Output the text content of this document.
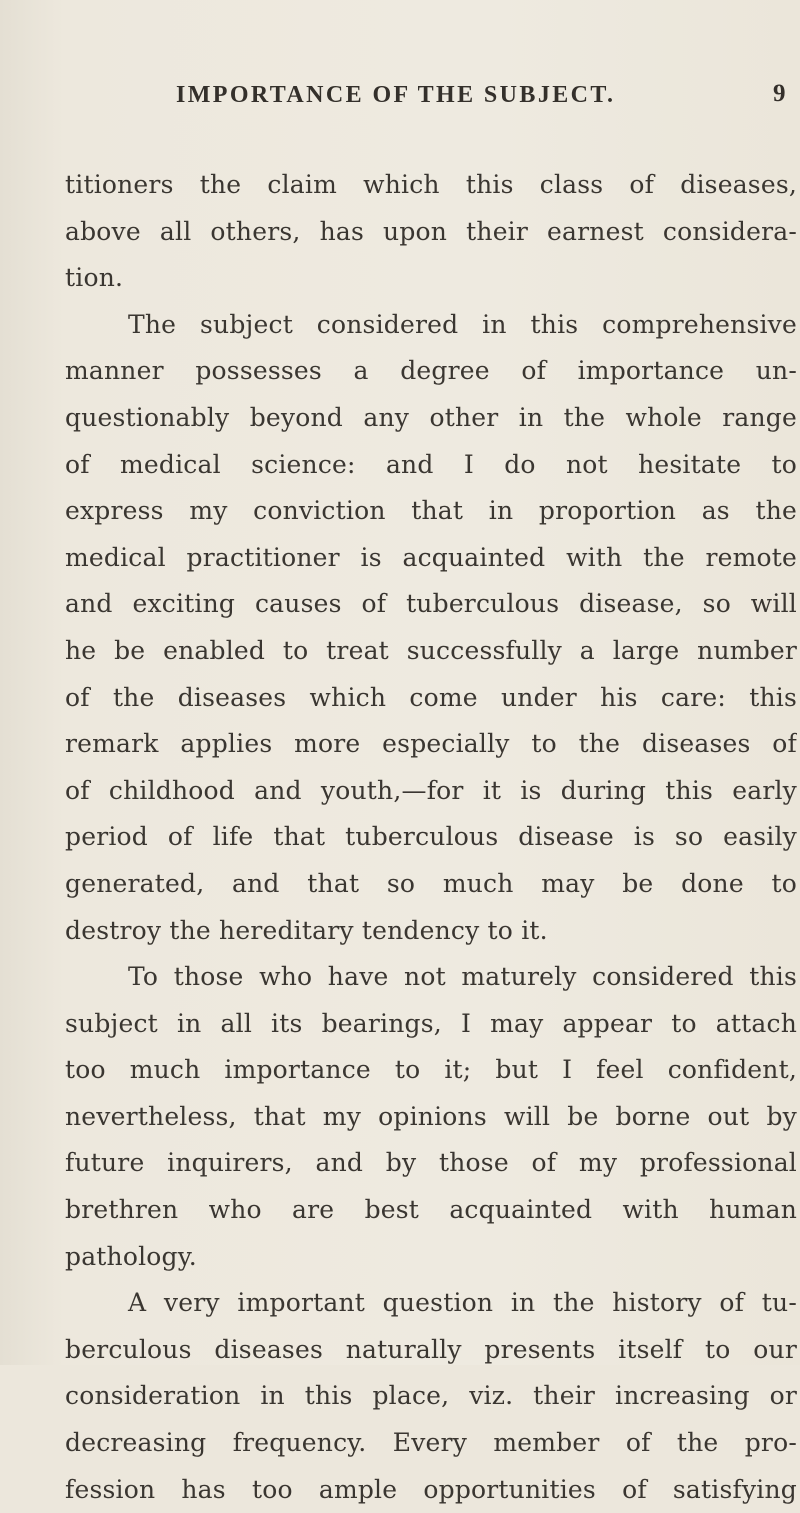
IMPORTANCE OF THE SUBJECT.	9
titioners the claim which this class of diseases,
above all others, has upon their earnest considera-
tion.
The subject considered in this comprehensive
manner possesses a degree of importance un-
questionably beyond any other in the whole range
of medical science: and I do not hesitate to
express my conviction that in proportion as the
medical practitioner is acquainted with the remote
and exciting causes of tuberculous disease, so will
he be enabled to treat successfully a large number
of the diseases which come under his care: this
remark applies more especially to the diseases of
of childhood and youth,—for it is during this early
period of life that tuberculous disease is so easily
generated, and that so much may be done to
destroy the hereditary tendency to it.
To those who have not maturely considered this
subject in all its bearings, I may appear to attach
too much importance to it; but I feel confident,
nevertheless, that my opinions will be borne out by
future inquirers, and by those of my professional
brethren who are best acquainted with human
pathology.
A very important question in the history of tu-
berculous diseases naturally presents itself to our
consideration in this place, viz. their increasing or
decreasing frequency. Every member of the pro-
fession has too ample opportunities of satisfying
